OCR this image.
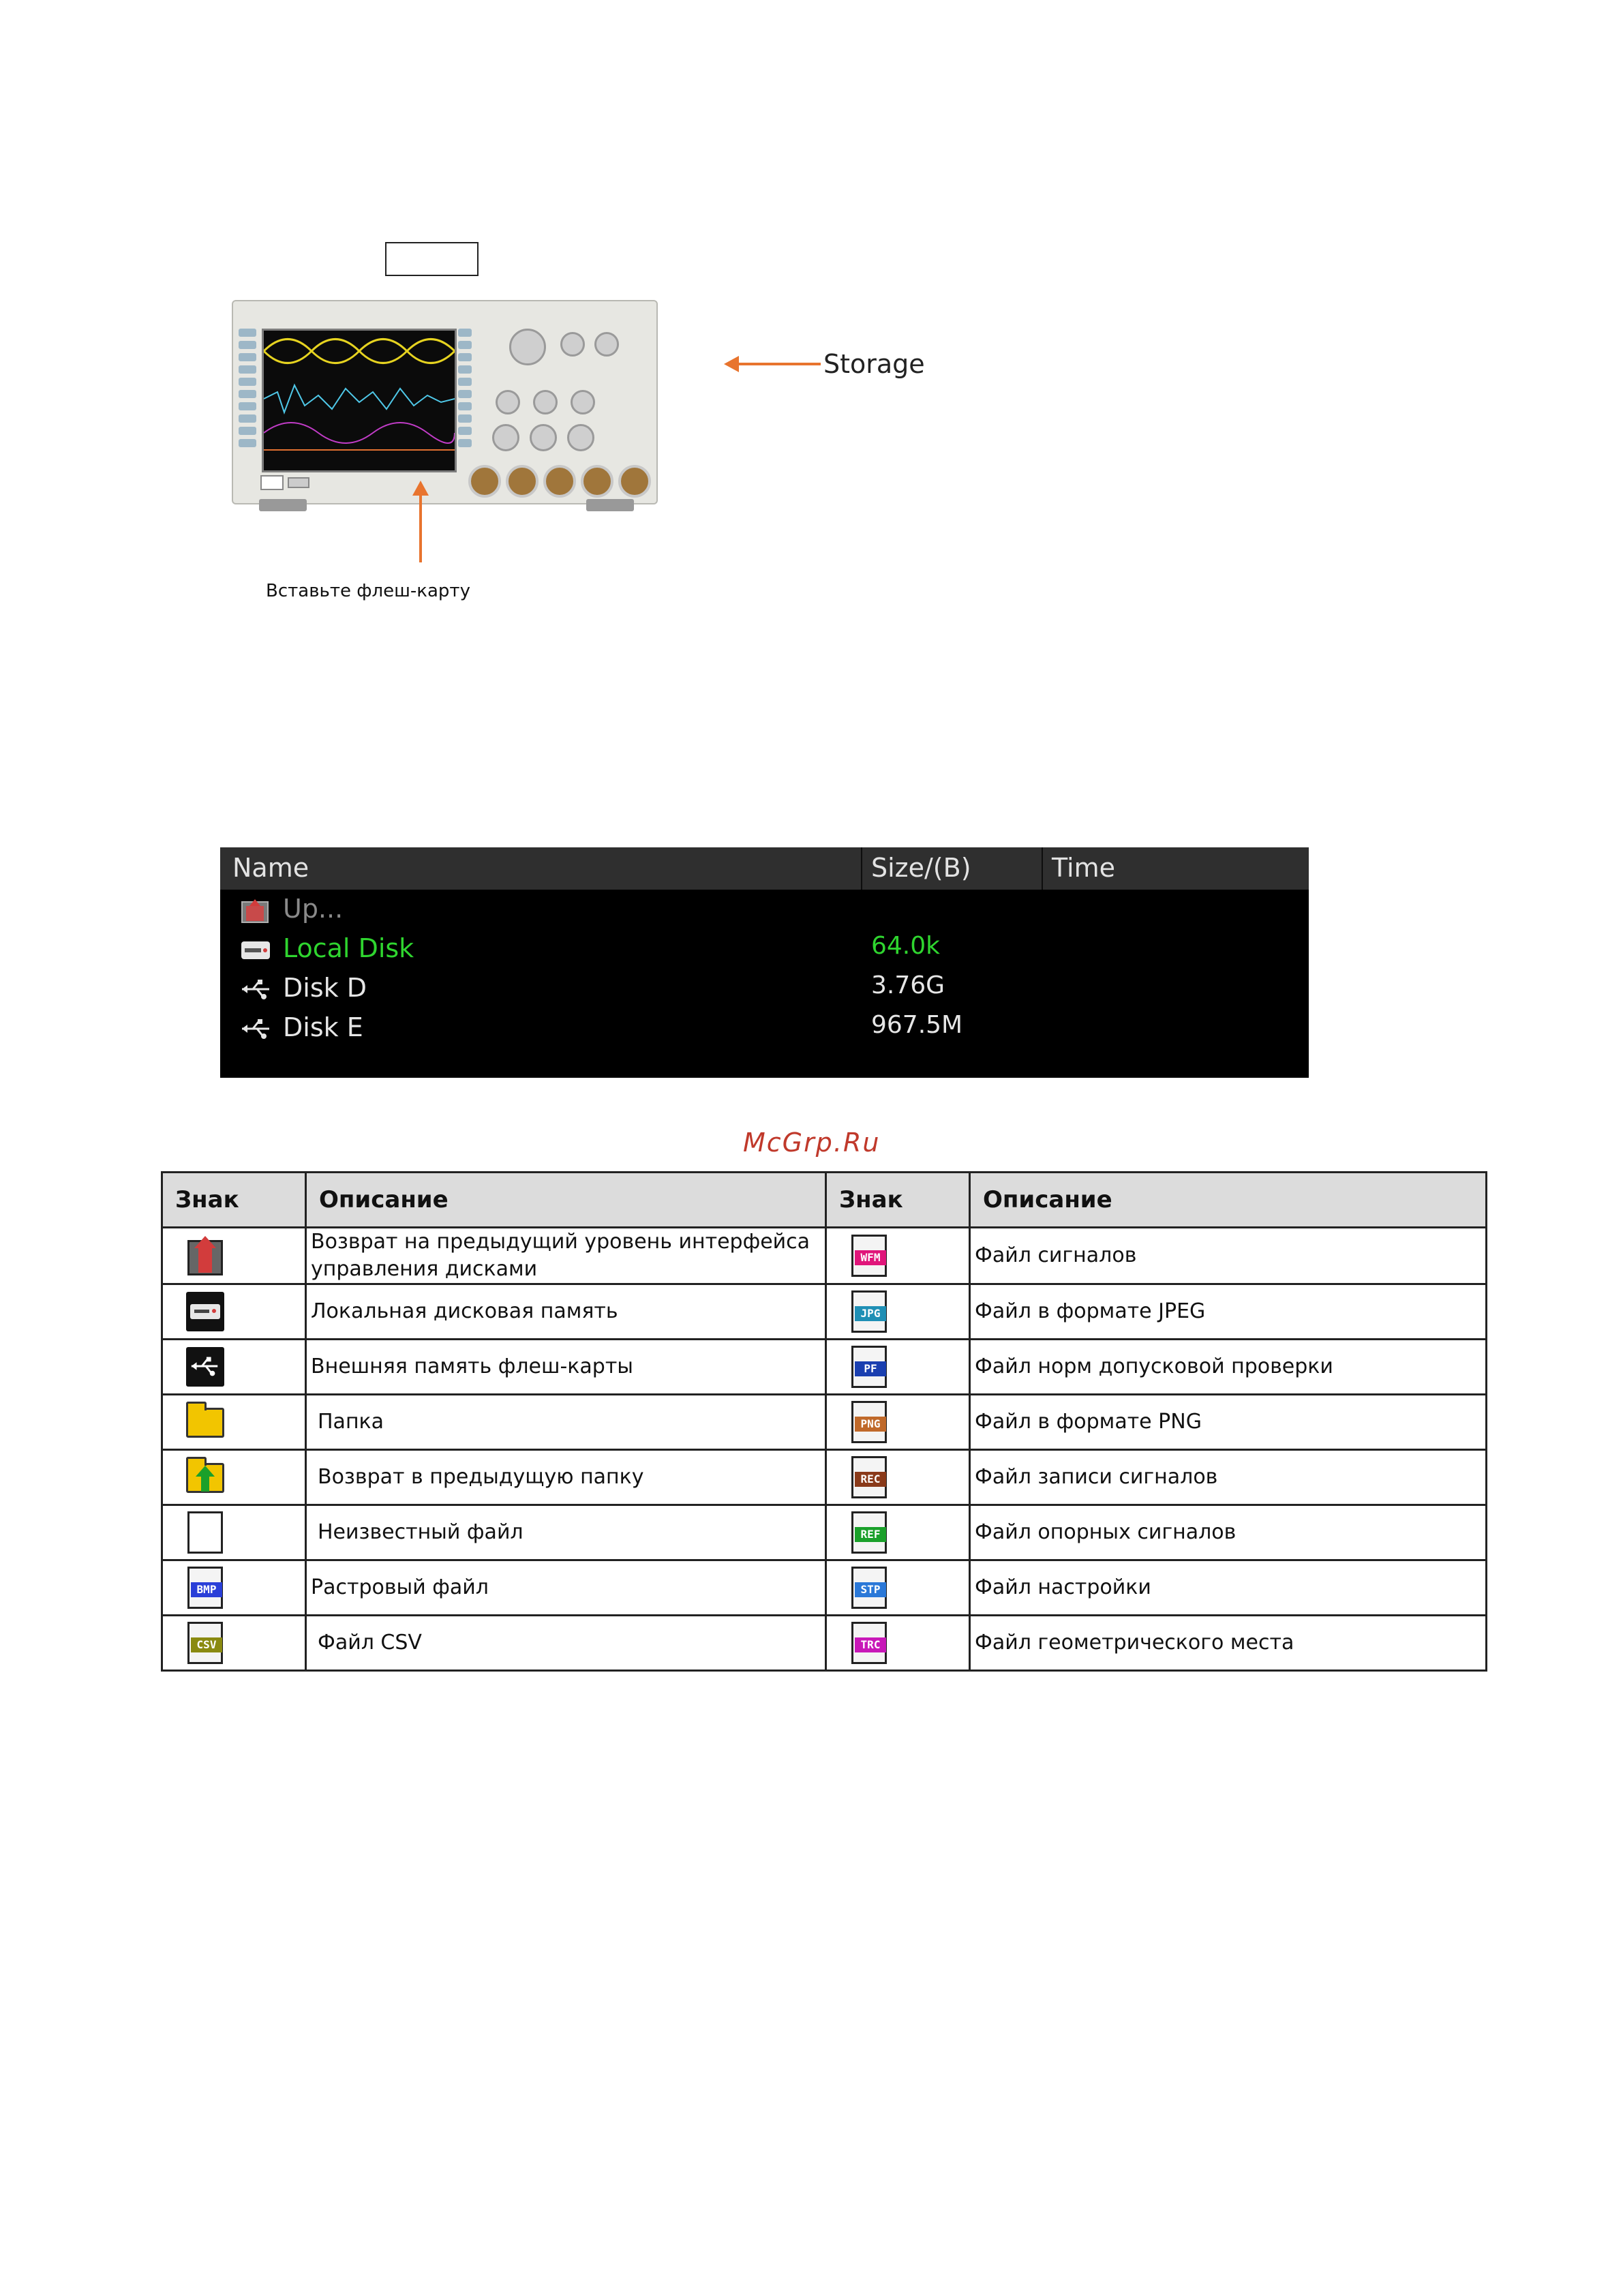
Вставьте флеш-карту
Storage
Name	Size/(B)	Time
Up...
Local Disk	64.0k
Disk D	3.76G
Disk E	967.5M
McGrp.Ru
Знак	Описание	Знак	Описание

	Возврат на предыдущий уровень интерфейса управления дисками	WFM	Файл сигналов

	Локальная дисковая память	JPG	Файл в формате JPEG

	Внешняя память флеш-карты	PF	Файл норм допусковой проверки

	Папка	PNG	Файл в формате PNG

	Возврат в предыдущую папку	REC	Файл записи сигналов

	Неизвестный файл	REF	Файл опорных сигналов

BMP	Растровый файл	STP	Файл настройки

CSV	Файл CSV	TRC	Файл геометрического места
